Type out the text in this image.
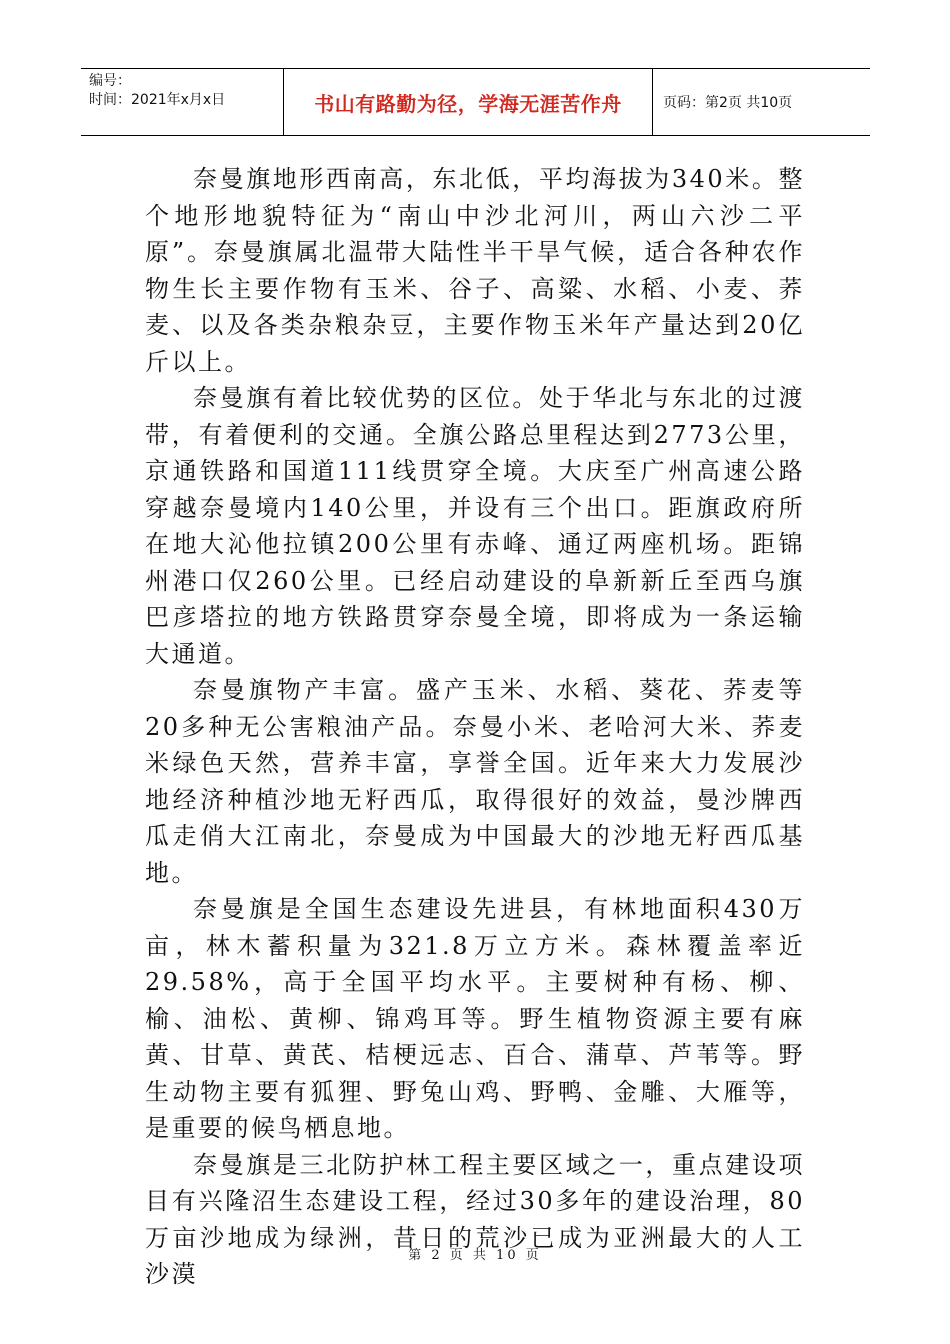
编号：
时间：2021年x月x日	书山有路勤为径，学海无涯苦作舟	页码：第2页 共10页

奈曼旗地形西南高，东北低，平均海拔为340米。整个地形地貌特征为“南山中沙北河川，两山六沙二平原”。奈曼旗属北温带大陆性半干旱气候，适合各种农作物生长主要作物有玉米、谷子、高粱、水稻、小麦、荞麦、以及各类杂粮杂豆，主要作物玉米年产量达到20亿斤以上。

奈曼旗有着比较优势的区位。处于华北与东北的过渡带，有着便利的交通。全旗公路总里程达到2773公里，京通铁路和国道111线贯穿全境。大庆至广州高速公路穿越奈曼境内140公里，并设有三个出口。距旗政府所在地大沁他拉镇200公里有赤峰、通辽两座机场。距锦州港口仅260公里。已经启动建设的阜新新丘至西乌旗巴彦塔拉的地方铁路贯穿奈曼全境，即将成为一条运输大通道。

奈曼旗物产丰富。盛产玉米、水稻、葵花、荞麦等20多种无公害粮油产品。奈曼小米、老哈河大米、荞麦米绿色天然，营养丰富，享誉全国。近年来大力发展沙地经济种植沙地无籽西瓜，取得很好的效益，曼沙牌西瓜走俏大江南北，奈曼成为中国最大的沙地无籽西瓜基地。

奈曼旗是全国生态建设先进县，有林地面积430万亩，林木蓄积量为321.8万立方米。森林覆盖率近29.58%，高于全国平均水平。主要树种有杨、柳、榆、油松、黄柳、锦鸡耳等。野生植物资源主要有麻黄、甘草、黄芪、桔梗远志、百合、蒲草、芦苇等。野生动物主要有狐狸、野兔山鸡、野鸭、金雕、大雁等，是重要的候鸟栖息地。

奈曼旗是三北防护林工程主要区域之一，重点建设项目有兴隆沼生态建设工程，经过30多年的建设治理，80万亩沙地成为绿洲，昔日的荒沙已成为亚洲最大的人工沙漠

第 2 页 共 10 页
